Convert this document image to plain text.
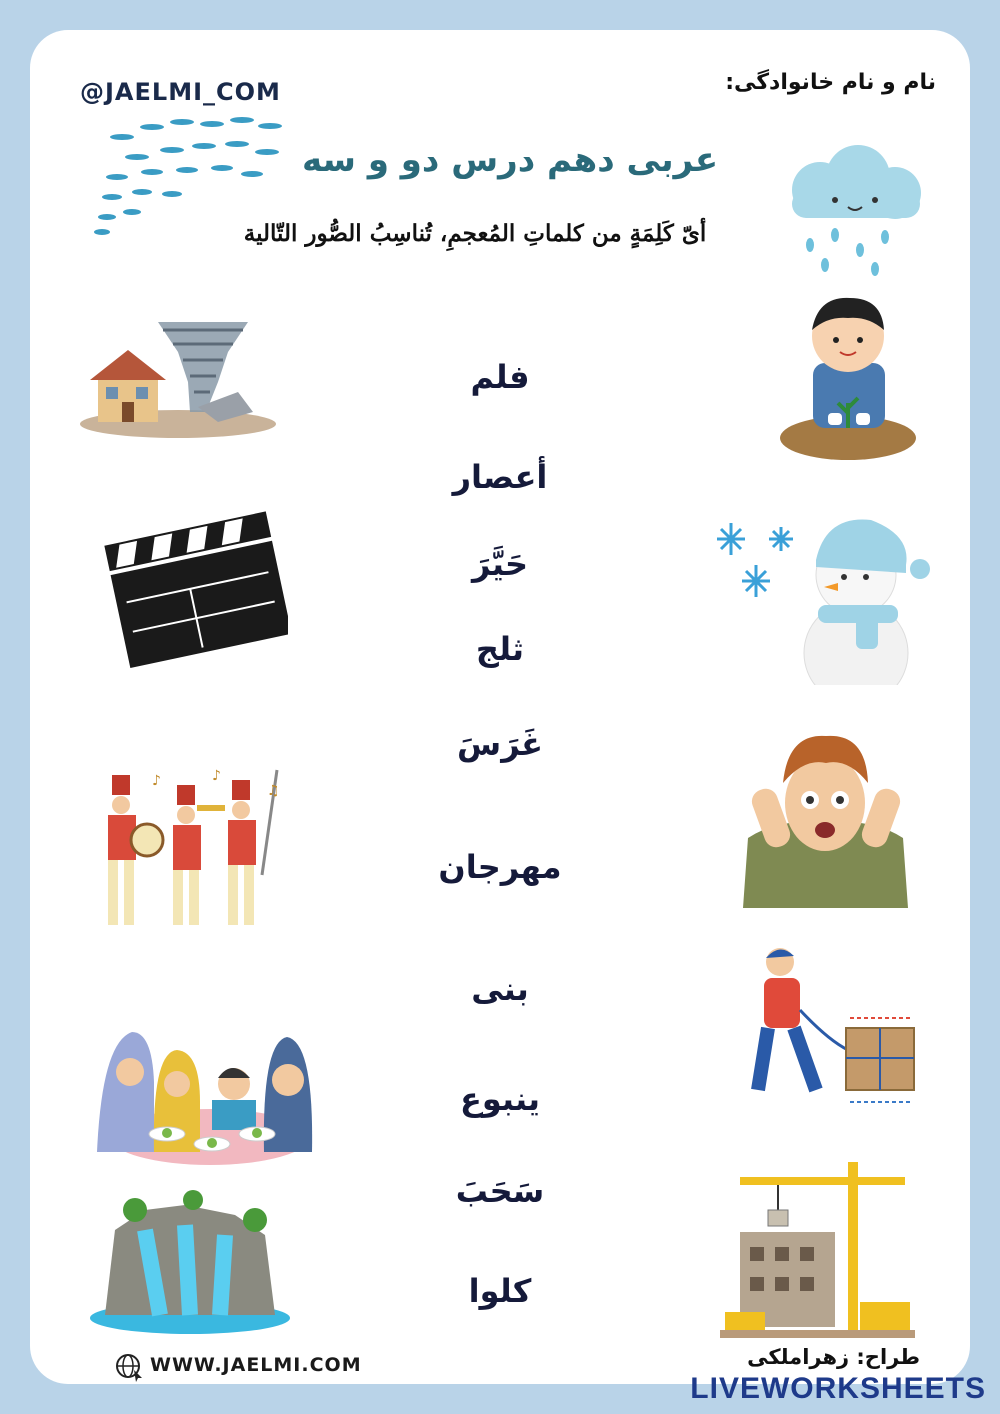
@JAELMI_COM	نام و نام خانوادگی:
عربی دهم درس دو و سه
أیّ کَلِمَةٍ من کلماتِ المُعجمِ، تُناسِبُ الصُّور التّالیة
♪	♪
♫
فلم
أعصار
حَیَّرَ
ثلج
غَرَسَ
مهرجان
بنی
ینبوع
سَحَبَ
کلوا
WWW.JAELMI.COM	طراح: زهراملکی
LIVEWORKSHEETS
